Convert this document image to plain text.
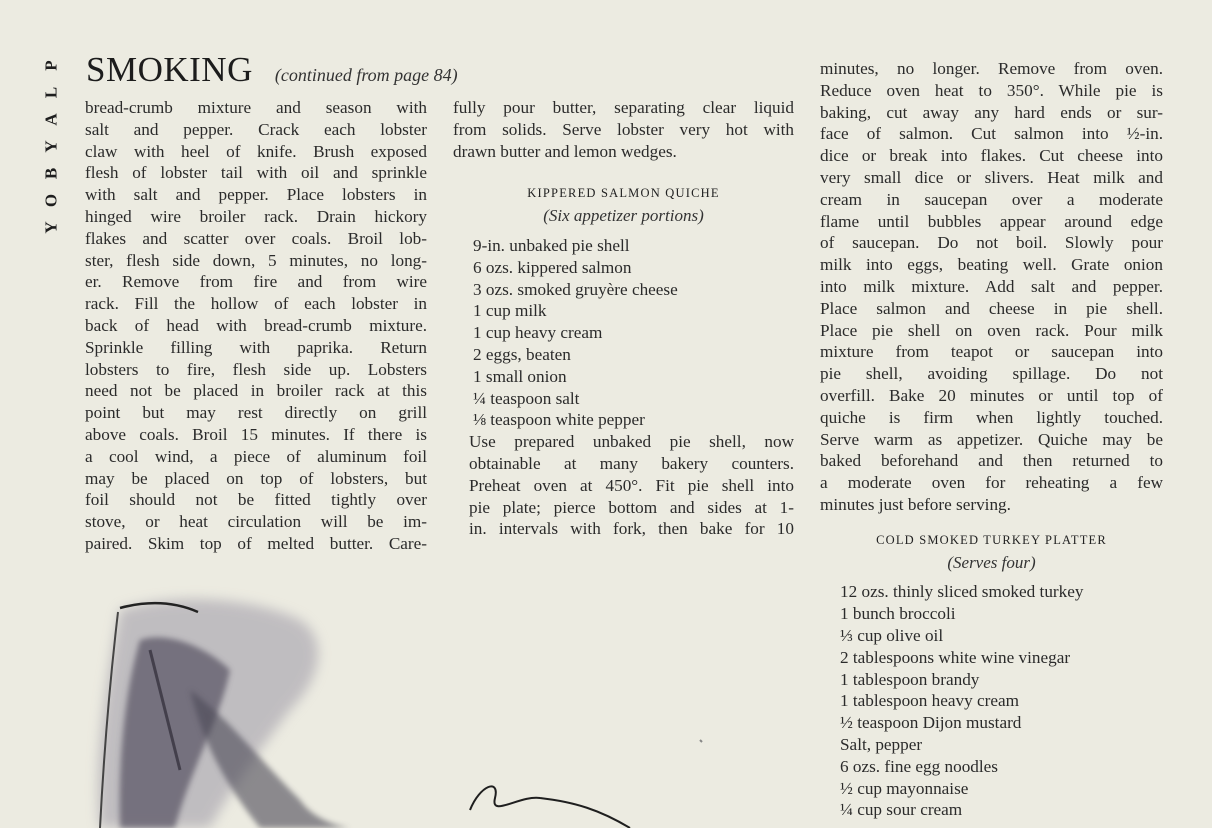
P
L
A
Y
B
O
Y
SMOKING (continued from page 84)
bread-crumb mixture and season with
salt and pepper. Crack each lobster
claw with heel of knife. Brush exposed
flesh of lobster tail with oil and sprinkle
with salt and pepper. Place lobsters in
hinged wire broiler rack. Drain hickory
flakes and scatter over coals. Broil lob-
ster, flesh side down, 5 minutes, no long-
er. Remove from fire and from wire
rack. Fill the hollow of each lobster in
back of head with bread-crumb mixture.
Sprinkle filling with paprika. Return
lobsters to fire, flesh side up. Lobsters
need not be placed in broiler rack at this
point but may rest directly on grill
above coals. Broil 15 minutes. If there is
a cool wind, a piece of aluminum foil
may be placed on top of lobsters, but
foil should not be fitted tightly over
stove, or heat circulation will be im-
paired. Skim top of melted butter. Care-
fully pour butter, separating clear liquid
from solids. Serve lobster very hot with
drawn butter and lemon wedges.
KIPPERED SALMON QUICHE
(Six appetizer portions)
9-in. unbaked pie shell
6 ozs. kippered salmon
3 ozs. smoked gruyère cheese
1 cup milk
1 cup heavy cream
2 eggs, beaten
1 small onion
¼ teaspoon salt
⅛ teaspoon white pepper
Use prepared unbaked pie shell, now
obtainable at many bakery counters.
Preheat oven at 450°. Fit pie shell into
pie plate; pierce bottom and sides at 1-
in. intervals with fork, then bake for 10
minutes, no longer. Remove from oven.
Reduce oven heat to 350°. While pie is
baking, cut away any hard ends or sur-
face of salmon. Cut salmon into ½-in.
dice or break into flakes. Cut cheese into
very small dice or slivers. Heat milk and
cream in saucepan over a moderate
flame until bubbles appear around edge
of saucepan. Do not boil. Slowly pour
milk into eggs, beating well. Grate onion
into milk mixture. Add salt and pepper.
Place salmon and cheese in pie shell.
Place pie shell on oven rack. Pour milk
mixture from teapot or saucepan into
pie shell, avoiding spillage. Do not
overfill. Bake 20 minutes or until top of
quiche is firm when lightly touched.
Serve warm as appetizer. Quiche may be
baked beforehand and then returned to
a moderate oven for reheating a few
minutes just before serving.
COLD SMOKED TURKEY PLATTER
(Serves four)
12 ozs. thinly sliced smoked turkey
1 bunch broccoli
⅓ cup olive oil
2 tablespoons white wine vinegar
1 tablespoon brandy
1 tablespoon heavy cream
½ teaspoon Dijon mustard
Salt, pepper
6 ozs. fine egg noodles
½ cup mayonnaise
¼ cup sour cream
